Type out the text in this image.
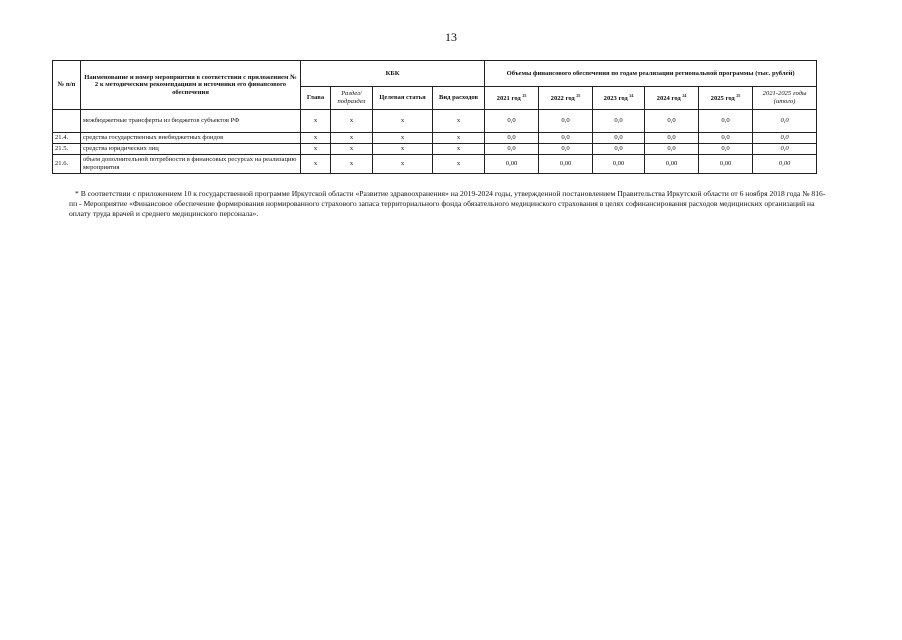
13
№ п/п	Наименование и номер мероприятия в соответствии с приложением № 2 к методическим рекомендациям и источники его финансового обеспечения	КБК				Объемы финансового обеспечения по годам реализации региональной программы (тыс. рублей)					
		Глава	Раздел/ подраздел	Целевая статья	Вид расходов	2021 год $^{25}$	2022 год $^{25}$	2023 год $^{24}$	2024 год $^{24}$	2025 год $^{25}$	2021-2025 годы (итого)
	межбюджетные трансферты из бюджетов субъектов РФ	х	х	х	х	0,0	0,0	0,0	0,0	0,0	0,0
21.4.	средства государственных внебюджетных фондов	х	х	х	х	0,0	0,0	0,0	0,0	0,0	0,0
21.5.	средства юридических лиц	х	х	х	х	0,0	0,0	0,0	0,0	0,0	0,0
21.6.	объем дополнительной потребности в финансовых ресурсах на реализацию мероприятия	х	х	х	х	0,00	0,00	0,00	0,00	0,00	0,00
* В соответствии с приложением 10 к государственной программе Иркутской области «Развитие здравоохранения» на 2019-2024 годы, утвержденной постановлением Правительства Иркутской области от 6 ноября 2018 года № 816-пп - Мероприятие «Финансовое обеспечение формирования нормированного страхового запаса территориального фонда обязательного медицинского страхования в целях софинансирования расходов медицинских организаций на оплату труда врачей и среднего медицинского персонала».
